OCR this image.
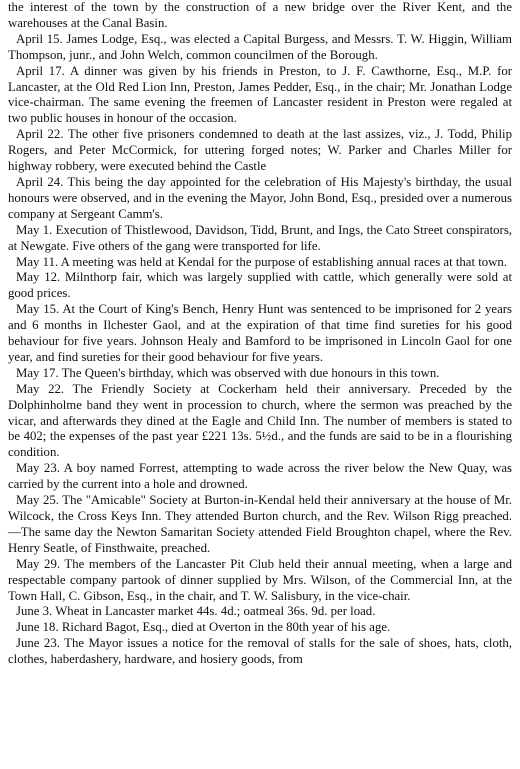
the interest of the town by the construction of a new bridge over the River Kent, and the warehouses at the Canal Basin.

April 15. James Lodge, Esq., was elected a Capital Burgess, and Messrs. T. W. Higgin, William Thompson, junr., and John Welch, common councilmen of the Borough.

April 17. A dinner was given by his friends in Preston, to J. F. Cawthorne, Esq., M.P. for Lancaster, at the Old Red Lion Inn, Preston, James Pedder, Esq., in the chair; Mr. Jonathan Lodge vice-chairman. The same evening the freemen of Lancaster resident in Preston were regaled at two public houses in honour of the occasion.

April 22. The other five prisoners condemned to death at the last assizes, viz., J. Todd, Philip Rogers, and Peter McCormick, for uttering forged notes; W. Parker and Charles Miller for highway robbery, were executed behind the Castle

April 24. This being the day appointed for the celebration of His Majesty's birthday, the usual honours were observed, and in the evening the Mayor, John Bond, Esq., presided over a numerous company at Sergeant Camm's.

May 1. Execution of Thistlewood, Davidson, Tidd, Brunt, and Ings, the Cato Street conspirators, at Newgate. Five others of the gang were transported for life.

May 11. A meeting was held at Kendal for the purpose of establishing annual races at that town.

May 12. Milnthorp fair, which was largely supplied with cattle, which generally were sold at good prices.

May 15. At the Court of King's Bench, Henry Hunt was sentenced to be imprisoned for 2 years and 6 months in Ilchester Gaol, and at the expiration of that time find sureties for his good behaviour for five years. Johnson Healy and Bamford to be imprisoned in Lincoln Gaol for one year, and find sureties for their good behaviour for five years.

May 17. The Queen's birthday, which was observed with due honours in this town.

May 22. The Friendly Society at Cockerham held their anniversary. Preceded by the Dolphinholme band they went in procession to church, where the sermon was preached by the vicar, and afterwards they dined at the Eagle and Child Inn. The number of members is stated to be 402; the expenses of the past year £221 13s. 5½d., and the funds are said to be in a flourishing condition.

May 23. A boy named Forrest, attempting to wade across the river below the New Quay, was carried by the current into a hole and drowned.

May 25. The "Amicable" Society at Burton-in-Kendal held their anniversary at the house of Mr. Wilcock, the Cross Keys Inn. They attended Burton church, and the Rev. Wilson Rigg preached.—The same day the Newton Samaritan Society attended Field Broughton chapel, where the Rev. Henry Seatle, of Finsthwaite, preached.

May 29. The members of the Lancaster Pit Club held their annual meeting, when a large and respectable company partook of dinner supplied by Mrs. Wilson, of the Commercial Inn, at the Town Hall, C. Gibson, Esq., in the chair, and T. W. Salisbury, in the vice-chair.

June 3. Wheat in Lancaster market 44s. 4d.; oatmeal 36s. 9d. per load.

June 18. Richard Bagot, Esq., died at Overton in the 80th year of his age.

June 23. The Mayor issues a notice for the removal of stalls for the sale of shoes, hats, cloth, clothes, haberdashery, hardware, and hosiery goods, from
